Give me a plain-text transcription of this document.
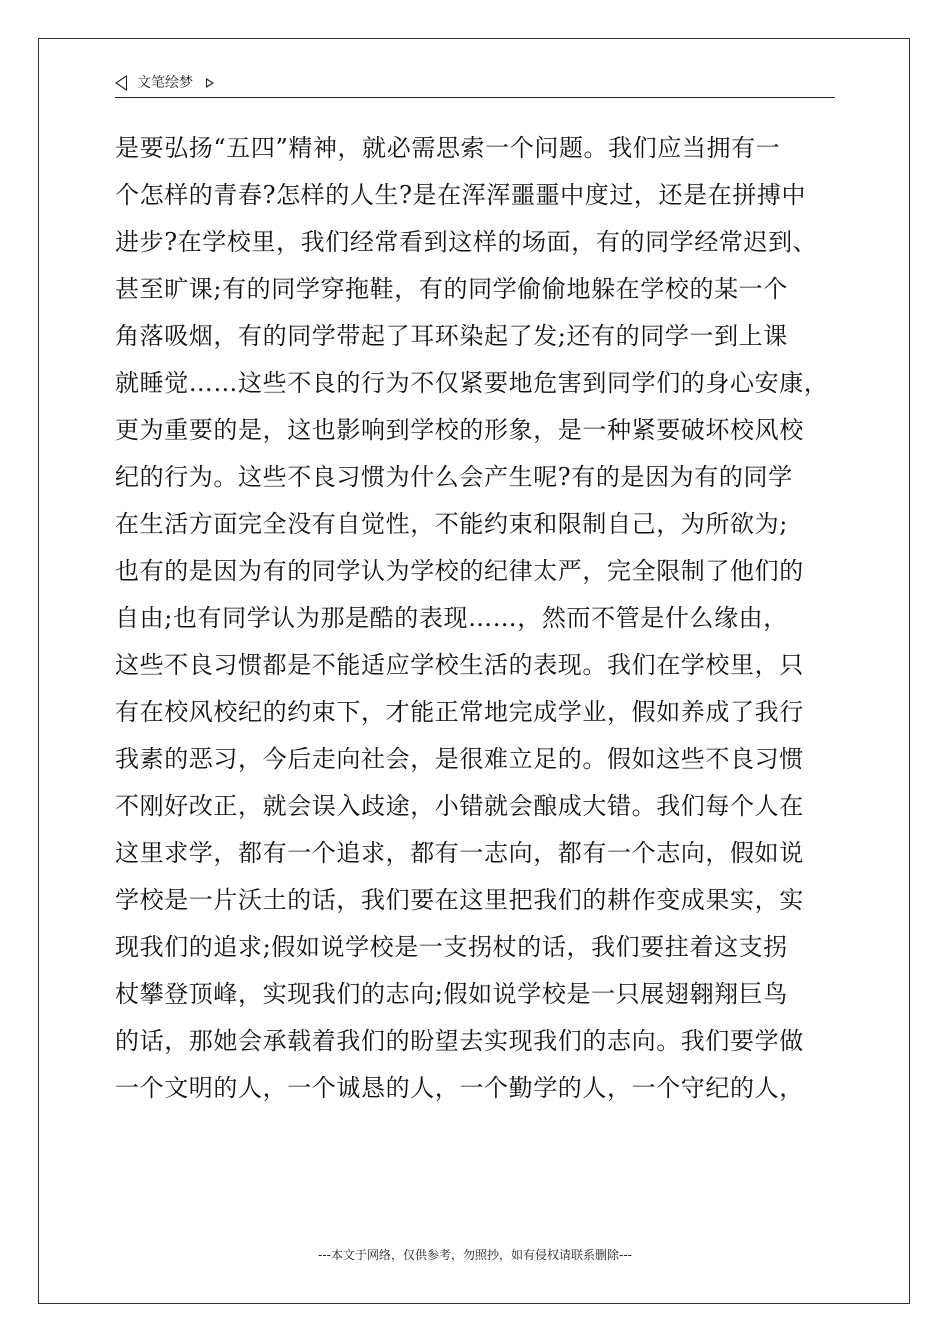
文笔绘梦
是要弘扬“五四”精神，就必需思索一个问题。我们应当拥有一
个怎样的青春?怎样的人生?是在浑浑噩噩中度过，还是在拼搏中
进步?在学校里，我们经常看到这样的场面，有的同学经常迟到、
甚至旷课;有的同学穿拖鞋，有的同学偷偷地躲在学校的某一个
角落吸烟，有的同学带起了耳环染起了发;还有的同学一到上课
就睡觉……这些不良的行为不仅紧要地危害到同学们的身心安康，
更为重要的是，这也影响到学校的形象，是一种紧要破坏校风校
纪的行为。这些不良习惯为什么会产生呢?有的是因为有的同学
在生活方面完全没有自觉性，不能约束和限制自己，为所欲为;
也有的是因为有的同学认为学校的纪律太严，完全限制了他们的
自由;也有同学认为那是酷的表现……，然而不管是什么缘由，
这些不良习惯都是不能适应学校生活的表现。我们在学校里，只
有在校风校纪的约束下，才能正常地完成学业，假如养成了我行
我素的恶习，今后走向社会，是很难立足的。假如这些不良习惯
不刚好改正，就会误入歧途，小错就会酿成大错。我们每个人在
这里求学，都有一个追求，都有一志向，都有一个志向，假如说
学校是一片沃土的话，我们要在这里把我们的耕作变成果实，实
现我们的追求;假如说学校是一支拐杖的话，我们要拄着这支拐
杖攀登顶峰，实现我们的志向;假如说学校是一只展翅翱翔巨鸟
的话，那她会承载着我们的盼望去实现我们的志向。我们要学做
一个文明的人，一个诚恳的人，一个勤学的人，一个守纪的人，
---本文于网络，仅供参考，勿照抄，如有侵权请联系删除---
